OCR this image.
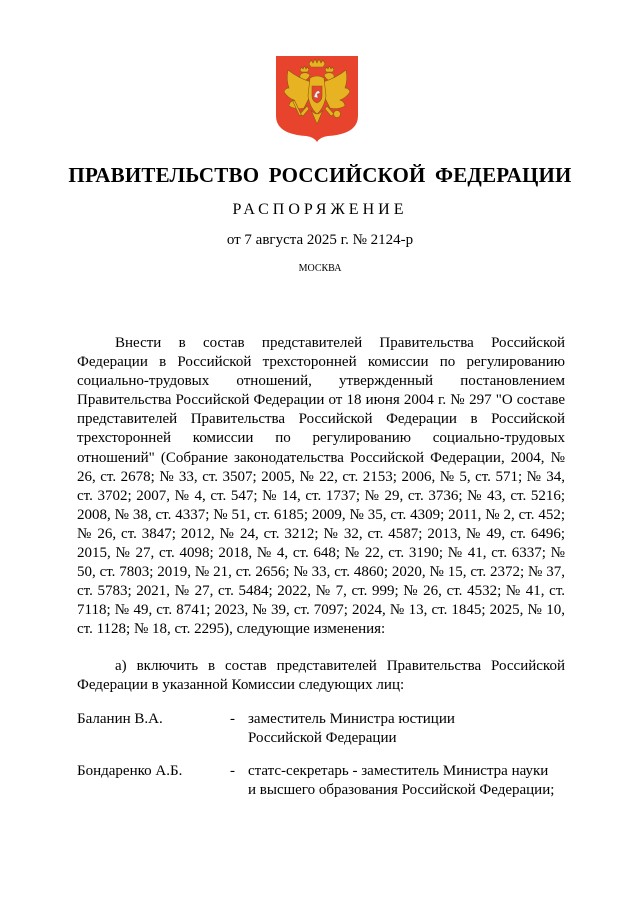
ПРАВИТЕЛЬСТВО РОССИЙСКОЙ ФЕДЕРАЦИИ
РАСПОРЯЖЕНИЕ
от 7 августа 2025 г. № 2124-р
МОСКВА
Внести в состав представителей Правительства Российской Федерации в Российской трехсторонней комиссии по регулированию социально-трудовых отношений, утвержденный постановлением Правительства Российской Федерации от 18 июня 2004 г. № 297 "О составе представителей Правительства Российской Федерации в Российской трехсторонней комиссии по регулированию социально-трудовых отношений" (Собрание законодательства Российской Федерации, 2004, № 26, ст. 2678; № 33, ст. 3507; 2005, № 22, ст. 2153; 2006, № 5, ст. 571; № 34, ст. 3702; 2007, № 4, ст. 547; № 14, ст. 1737; № 29, ст. 3736; № 43, ст. 5216; 2008, № 38, ст. 4337; № 51, ст. 6185; 2009, № 35, ст. 4309; 2011, № 2, ст. 452; № 26, ст. 3847; 2012, № 24, ст. 3212; № 32, ст. 4587; 2013, № 49, ст. 6496; 2015, № 27, ст. 4098; 2018, № 4, ст. 648; № 22, ст. 3190; № 41, ст. 6337; № 50, ст. 7803; 2019, № 21, ст. 2656; № 33, ст. 4860; 2020, № 15, ст. 2372; № 37, ст. 5783; 2021, № 27, ст. 5484; 2022, № 7, ст. 999; № 26, ст. 4532; № 41, ст. 7118; № 49, ст. 8741; 2023, № 39, ст. 7097; 2024, № 13, ст. 1845; 2025, № 10, ст. 1128; № 18, ст. 2295), следующие изменения:
а) включить в состав представителей Правительства Российской Федерации в указанной Комиссии следующих лиц:
Баланин В.А.	- заместитель Министра юстиции
Российской Федерации
Бондаренко А.Б.	- статс-секретарь - заместитель Министра науки
и высшего образования Российской Федерации;
